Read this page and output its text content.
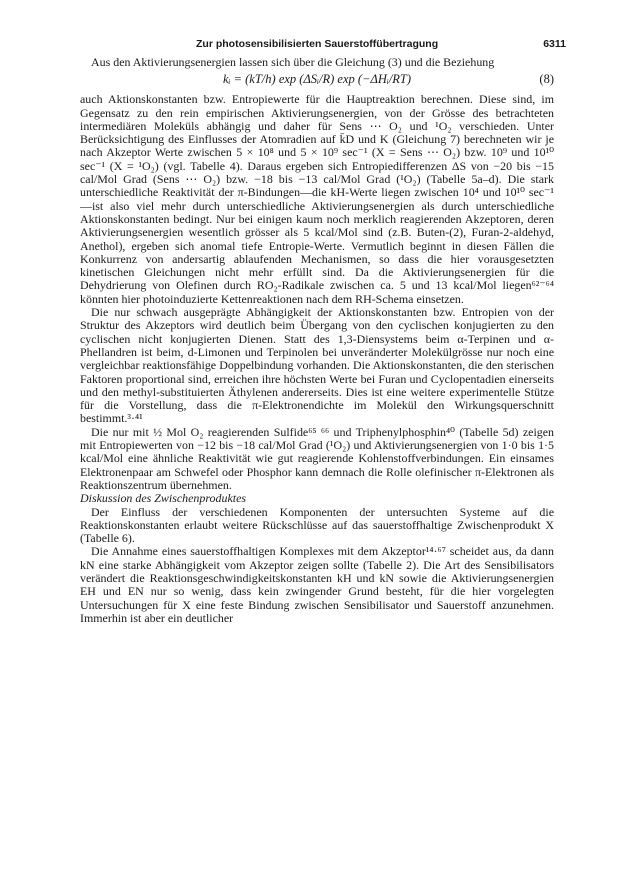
Zur photosensibilisierten Sauerstoffübertragung	6311

Aus den Aktivierungsenergien lassen sich über die Gleichung (3) und die Beziehung

kᵢ = (kT/h) exp (ΔSᵢ/R) exp (−ΔHᵢ/RT)	(8)

auch Aktionskonstanten bzw. Entropiewerte für die Hauptreaktion berechnen. Diese sind, im Gegensatz zu den rein empirischen Aktivierungsenergien, von der Grösse des betrachteten intermediären Moleküls abhängig und daher für Sens ⋯ O₂ und ¹O₂ verschieden. Unter Berücksichtigung des Einflusses der Atomradien auf k̄D und K (Gleichung 7) berechneten wir je nach Akzeptor Werte zwischen 5 × 10⁸ und 5 × 10⁹ sec⁻¹ (X = Sens ⋯ O₂) bzw. 10⁹ und 10¹⁰ sec⁻¹ (X = ¹O₂) (vgl. Tabelle 4). Daraus ergeben sich Entropiedifferenzen ΔS von −20 bis −15 cal/Mol Grad (Sens ⋯ O₂) bzw. −18 bis −13 cal/Mol Grad (¹O₂) (Tabelle 5a–d). Die stark unterschiedliche Reaktivität der π-Bindungen—die kH-Werte liegen zwischen 10⁴ und 10¹⁰ sec⁻¹—ist also viel mehr durch unterschiedliche Aktivierungsenergien als durch unterschiedliche Aktionskonstanten bedingt. Nur bei einigen kaum noch merklich reagierenden Akzeptoren, deren Aktivierungsenergien wesentlich grösser als 5 kcal/Mol sind (z.B. Buten-(2), Furan-2-aldehyd, Anethol), ergeben sich anomal tiefe Entropie-Werte. Vermutlich beginnt in diesen Fällen die Konkurrenz von andersartig ablaufenden Mechanismen, so dass die hier vorausgesetzten kinetischen Gleichungen nicht mehr erfüllt sind. Da die Aktivierungsenergien für die Dehydrierung von Olefinen durch RO₂-Radikale zwischen ca. 5 und 13 kcal/Mol liegen⁶²⁻⁶⁴ könnten hier photoinduzierte Kettenreaktionen nach dem RH-Schema einsetzen.

Die nur schwach ausgeprägte Abhängigkeit der Aktionskonstanten bzw. Entropien von der Struktur des Akzeptors wird deutlich beim Übergang von den cyclischen konjugierten zu den cyclischen nicht konjugierten Dienen. Statt des 1,3-Diensystems beim α-Terpinen und α-Phellandren ist beim, d-Limonen und Terpinolen bei unveränderter Molekülgrösse nur noch eine vergleichbar reaktionsfähige Doppelbindung vorhanden. Die Aktionskonstanten, die den sterischen Faktoren proportional sind, erreichen ihre höchsten Werte bei Furan und Cyclopentadien einerseits und den methyl-substituierten Äthylenen andererseits. Dies ist eine weitere experimentelle Stütze für die Vorstellung, dass die π-Elektronendichte im Molekül den Wirkungsquerschnitt bestimmt.³·⁴¹

Die nur mit ½ Mol O₂ reagierenden Sulfide⁶⁵ ⁶⁶ und Triphenylphosphin⁴⁰ (Tabelle 5d) zeigen mit Entropiewerten von −12 bis −18 cal/Mol Grad (¹O₂) und Aktivierungsenergien von 1·0 bis 1·5 kcal/Mol eine ähnliche Reaktivität wie gut reagierende Kohlenstoffverbindungen. Ein einsames Elektronenpaar am Schwefel oder Phosphor kann demnach die Rolle olefinischer π-Elektronen als Reaktionszentrum übernehmen.

Diskussion des Zwischenproduktes

Der Einfluss der verschiedenen Komponenten der untersuchten Systeme auf die Reaktionskonstanten erlaubt weitere Rückschlüsse auf das sauerstoffhaltige Zwischenprodukt X (Tabelle 6).

Die Annahme eines sauerstoffhaltigen Komplexes mit dem Akzeptor¹⁴·⁶⁷ scheidet aus, da dann kN eine starke Abhängigkeit vom Akzeptor zeigen sollte (Tabelle 2). Die Art des Sensibilisators verändert die Reaktionsgeschwindigkeitskonstanten kH und kN sowie die Aktivierungsenergien EH und EN nur so wenig, dass kein zwingender Grund besteht, für die hier vorgelegten Untersuchungen für X eine feste Bindung zwischen Sensibilisator und Sauerstoff anzunehmen. Immerhin ist aber ein deutlicher
